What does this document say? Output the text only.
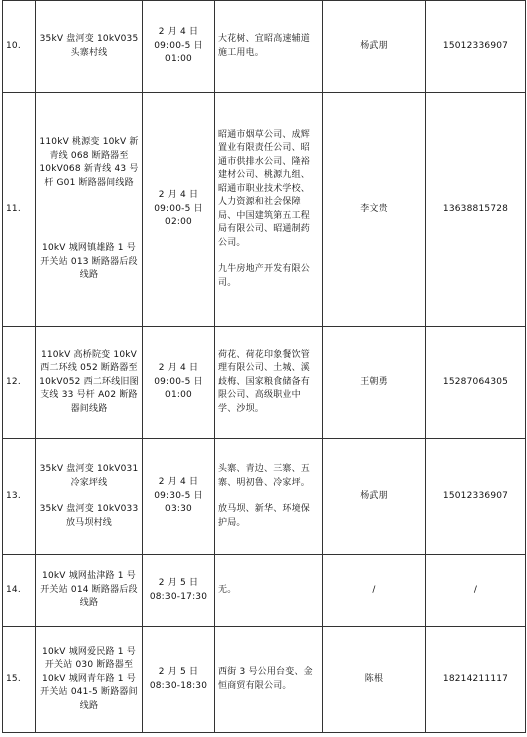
10.	35kV 盘河变 10kV035 头寨村线	2 月 4 日 09:00-5 日 01:00	大花树、宜昭高速辅道施工用电。	杨武朋	15012336907
11.	110kV 桃源变 10kV 新青线 068 断路器至 10kV068 新青线 43 号杆 G01 断路器间线路
10kV 城网镇雄路 1 号开关站 013 断路器后段线路	2 月 4 日 09:00-5 日 02:00	昭通市烟草公司、成辉置业有限责任公司、昭通市供排水公司、隆裕建材公司、桃源九组、昭通市职业技术学校、人力资源和社会保障局、中国建筑第五工程局有限公司、昭通制药公司。
九牛房地产开发有限公司。	李文贵	13638815728
12.	110kV 高桥院变 10kV 西二环线 052 断路器至 10kV052 西二环线旧图支线 33 号杆 A02 断路器间线路	2 月 4 日 09:00-5 日 01:00	荷花、荷花印象餐饮管理有限公司、土城、溪歧梅、国家粮食储备有限公司、高级职业中学、沙坝。	王朝勇	15287064305
13.	35kV 盘河变 10kV031 冷家坪线
35kV 盘河变 10kV033 放马坝村线	2 月 4 日 09:30-5 日 03:30	头寨、青边、三寨、五寨、明初鲁、冷家坪。
放马坝、新华、环境保护局。	杨武朋	15012336907
14.	10kV 城网盐津路 1 号开关站 014 断路器后段线路	2 月 5 日 08:30-17:30	无。	/	/
15.	10kV 城网爱民路 1 号开关站 030 断路器至 10kV 城网青年路 1 号开关站 041-5 断路器间线路	2 月 5 日 08:30-18:30	西街 3 号公用台变、金恒商贸有限公司。	陈根	18214211117
